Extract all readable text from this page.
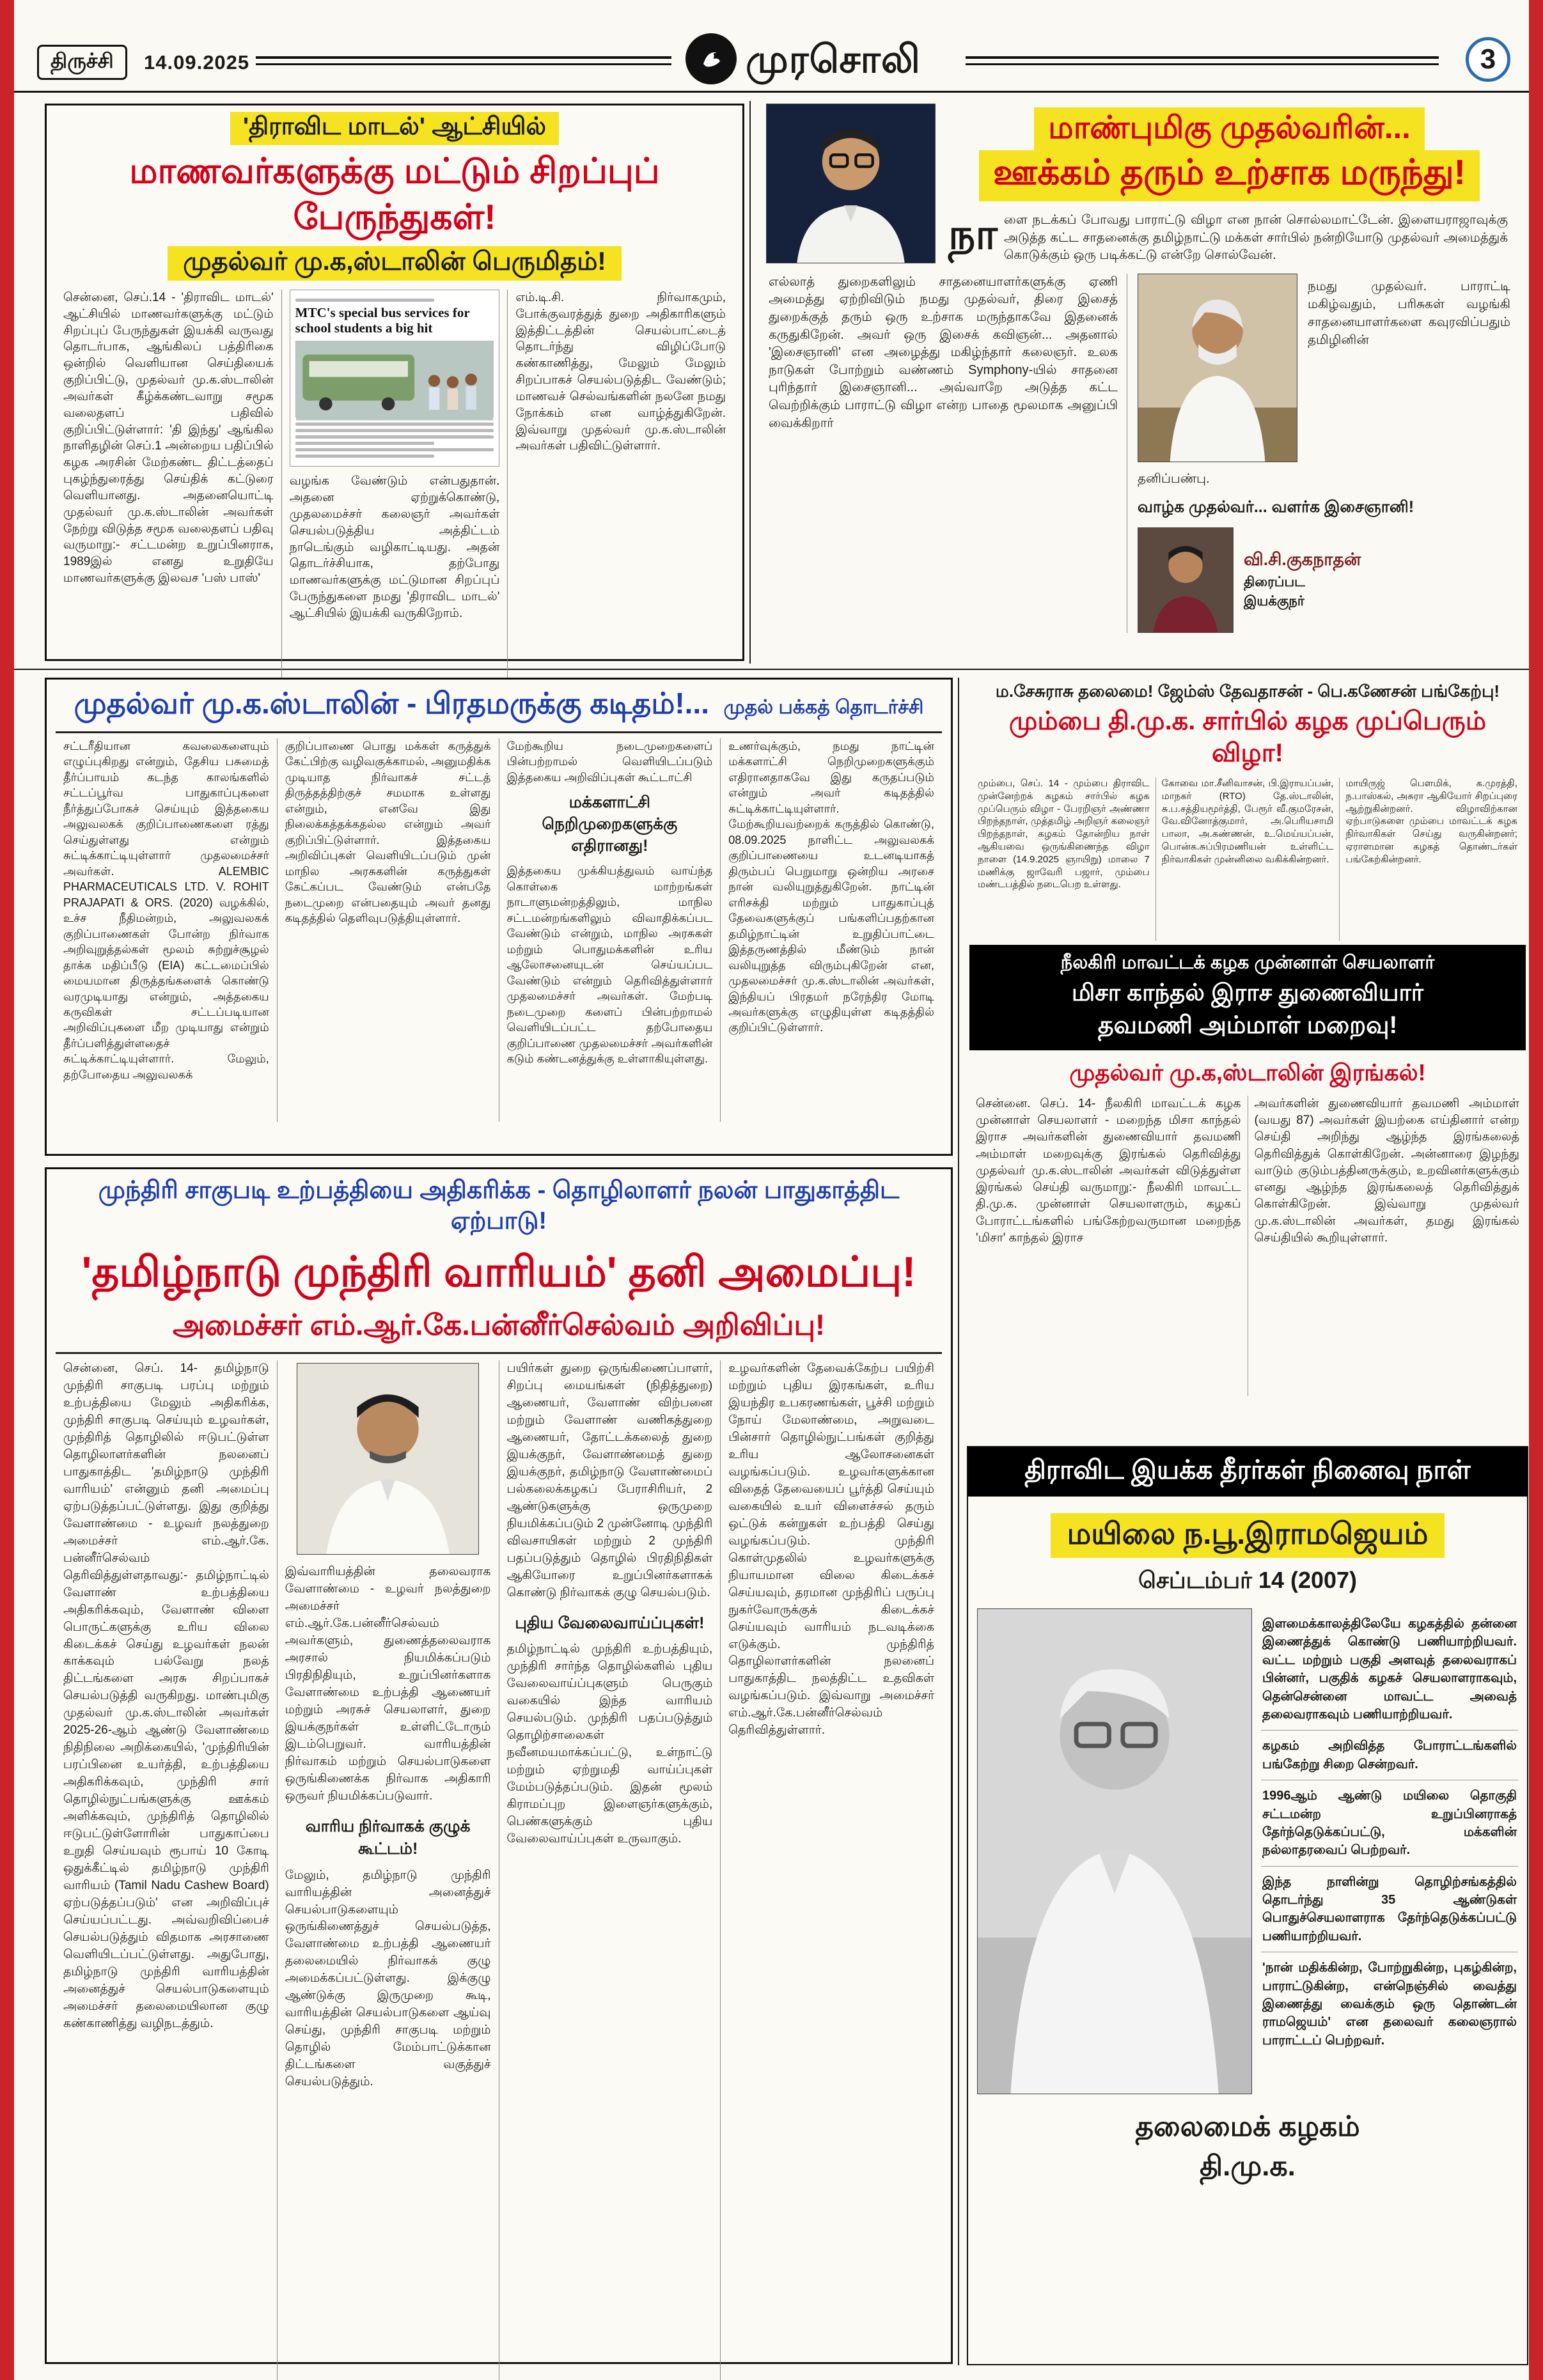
திருச்சி	14.09.2025	முரசொலி	3
'திராவிட மாடல்' ஆட்சியில்
மாணவர்களுக்கு மட்டும் சிறப்புப் பேருந்துகள்!
முதல்வர் மு.க,ஸ்டாலின் பெருமிதம்!
சென்னை, செப்.14 - 'திராவிட மாடல்' ஆட்சியில் மாணவர்களுக்கு மட்டும் சிறப்புப் பேருந்துகள் இயக்கி வருவது தொடர்பாக, ஆங்கிலப் பத்திரிகை ஒன்றில் வெளியான செய்தியைக் குறிப்பிட்டு, முதல்வர் மு.க.ஸ்டாலின் அவர்கள் கீழ்க்கண்டவாறு சமூக வலைதளப் பதிவில் குறிப்பிட்டுள்ளார்: 'தி இந்து' ஆங்கில நாளிதழின் செப்.1 அன்றைய பதிப்பில் கழக அரசின் மேற்கண்ட திட்டத்தைப் புகழ்ந்துரைத்து செய்திக் கட்டுரை வெளியானது. அதனையொட்டி முதல்வர் மு.க.ஸ்டாலின் அவர்கள் நேற்று விடுத்த சமூக வலைதளப் பதிவு வருமாறு:- சட்டமன்ற உறுப்பினராக, 1989இல் எனது உறுதியே மாணவர்களுக்கு இலவச 'பஸ் பாஸ்'
MTC's special bus services for school students a big hit
வழங்க வேண்டும் என்பதுதான். அதனை ஏற்றுக்கொண்டு, முதலமைச்சர் கலைஞர் அவர்கள் செயல்படுத்திய அத்திட்டம் நாடெங்கும் வழிகாட்டியது. அதன் தொடர்ச்சியாக, தற்போது மாணவர்களுக்கு மட்டுமான சிறப்புப் பேருந்துகளை நமது 'திராவிட மாடல்' ஆட்சியில் இயக்கி வருகிறோம்.
எம்.டி.சி. நிர்வாகமும், போக்குவரத்துத் துறை அதிகாரிகளும் இத்திட்டத்தின் செயல்பாட்டைத் தொடர்ந்து விழிப்போடு கண்காணித்து, மேலும் மேலும் சிறப்பாகச் செயல்படுத்திட வேண்டும்; மாணவச் செல்வங்களின் நலனே நமது நோக்கம் என வாழ்த்துகிறேன். இவ்வாறு முதல்வர் மு.க.ஸ்டாலின் அவர்கள் பதிவிட்டுள்ளார்.
மாண்புமிகு முதல்வரின்...
ஊக்கம் தரும் உற்சாக மருந்து!

நாளை நடக்கப் போவது பாராட்டு விழா என நான் சொல்லமாட்டேன். இளையராஜாவுக்கு அடுத்த கட்ட சாதனைக்கு தமிழ்நாட்டு மக்கள் சார்பில் நன்றியோடு முதல்வர் அமைத்துக் கொடுக்கும் ஒரு படிக்கட்டு என்றே சொல்வேன்.

எல்லாத் துறைகளிலும் சாதனையாளர்களுக்கு ஏணி அமைத்து ஏற்றிவிடும் நமது முதல்வர், திரை இசைத் துறைக்குத் தரும் ஒரு உற்சாக மருந்தாகவே இதனைக் கருதுகிறேன். அவர் ஒரு இசைக் கவிஞன்... அதனால் 'இசைஞானி' என அழைத்து மகிழ்ந்தார் கலைஞர். உலக நாடுகள் போற்றும் வண்ணம் Symphony-யில் சாதனை புரிந்தார் இசைஞானி... அவ்வாறே அடுத்த கட்ட வெற்றிக்கும் பாராட்டு விழா என்ற பாதை மூலமாக அனுப்பி வைக்கிறார்

நமது முதல்வர். பாராட்டி மகிழ்வதும், பரிசுகள் வழங்கி சாதனையாளர்களை கவுரவிப்பதும் தமிழினின்

தனிப்பண்பு.

வாழ்க முதல்வர்... வளர்க இசைஞானி!
வி.சி.குகநாதன்
திரைப்பட
இயக்குநர்
முதல்வர் மு.க.ஸ்டாலின் - பிரதமருக்கு கடிதம்!... முதல் பக்கத் தொடர்ச்சி
சட்டரீதியான கவலைகளையும் எழுப்புகிறது என்றும், தேசிய பசுமைத் தீர்ப்பாயம் கடந்த காலங்களில் சட்டப்பூர்வ பாதுகாப்புகளை நீர்த்துப்போகச் செய்யும் இத்தகைய அலுவலகக் குறிப்பாணைகளை ரத்து செய்துள்ளது என்றும் சுட்டிக்காட்டியுள்ளார் முதலமைச்சர் அவர்கள். ALEMBIC PHARMACEUTICALS LTD. V. ROHIT PRAJAPATI & ORS. (2020) வழக்கில், உச்ச நீதிமன்றம், அலுவலகக் குறிப்பாணைகள் போன்ற நிர்வாக அறிவுறுத்தல்கள் மூலம் சுற்றுச்சூழல் தாக்க மதிப்பீடு (EIA) கட்டமைப்பில் மையமான திருத்தங்களைக் கொண்டு வரமுடியாது என்றும், அத்தகைய கருவிகள் சட்டப்படியான அறிவிப்புகளை மீற முடியாது என்றும் தீர்ப்பளித்துள்ளதைச் சுட்டிக்காட்டியுள்ளார். மேலும், தற்போதைய அலுவலகக்
குறிப்பாணை பொது மக்கள் கருத்துக் கேட்பிற்கு வழிவகுக்காமல், அனுமதிக்க முடியாத நிர்வாகச் சட்டத் திருத்தத்திற்குச் சமமாக உள்ளது என்றும், எனவே இது நிலைக்கத்தக்கதல்ல என்றும் அவர் குறிப்பிட்டுள்ளார். இத்தகைய அறிவிப்புகள் வெளியிடப்படும் முன் மாநில அரசுகளின் கருத்துகள் கேட்கப்பட வேண்டும் என்பதே நடைமுறை என்பதையும் அவர் தனது கடிதத்தில் தெளிவுபடுத்தியுள்ளார்.
மேற்கூறிய நடைமுறைகளைப் பின்பற்றாமல் வெளியிடப்படும் இத்தகைய அறிவிப்புகள் கூட்டாட்சி
மக்களாட்சி நெறிமுறைகளுக்கு எதிரானது!
இத்தகைய முக்கியத்துவம் வாய்ந்த கொள்கை மாற்றங்கள் நாடாளுமன்றத்திலும், மாநில சட்டமன்றங்களிலும் விவாதிக்கப்பட வேண்டும் என்றும், மாநில அரசுகள் மற்றும் பொதுமக்களின் உரிய ஆலோசனையுடன் செய்யப்பட வேண்டும் என்றும் தெரிவித்துள்ளார் முதலமைச்சர் அவர்கள். மேற்படி நடைமுறை களைப் பின்பற்றாமல் வெளியிடப்பட்ட தற்போதைய குறிப்பாணை முதலமைச்சர் அவர்களின் கடும் கண்டனத்துக்கு உள்ளாகியுள்ளது.
உணர்வுக்கும், நமது நாட்டின் மக்களாட்சி நெறிமுறைகளுக்கும் எதிரானதாகவே இது கருதப்படும் என்றும் அவர் கடிதத்தில் சுட்டிக்காட்டியுள்ளார். மேற்கூறியவற்றைக் கருத்தில் கொண்டு, 08.09.2025 நாளிட்ட அலுவலகக் குறிப்பாணையை உடனடியாகத் திரும்பப் பெறுமாறு ஒன்றிய அரசை நான் வலியுறுத்துகிறேன். நாட்டின் எரிசக்தி மற்றும் பாதுகாப்புத் தேவைகளுக்குப் பங்களிப்பதற்கான தமிழ்நாட்டின் உறுதிப்பாட்டை இத்தருணத்தில் மீண்டும் நான் வலியுறுத்த விரும்புகிறேன் என, முதலமைச்சர் மு.க.ஸ்டாலின் அவர்கள், இந்தியப் பிரதமர் நரேந்திர மோடி அவர்களுக்கு எழுதியுள்ள கடிதத்தில் குறிப்பிட்டுள்ளார்.
ம.சேசுராசு தலைமை! ஜேம்ஸ் தேவதாசன் - பெ.கணேசன் பங்கேற்பு!
மும்பை தி.மு.க. சார்பில் கழக முப்பெரும் விழா!
மும்பை, செப். 14 - மும்பை திராவிட முன்னேற்றக் கழகம் சார்பில் கழக முப்பெரும் விழா - பேரறிஞர் அண்ணா பிறந்தநாள், முத்தமிழ் அறிஞர் கலைஞர் பிறந்தநாள், கழகம் தோன்றிய நாள் ஆகியவை ஒருங்கிணைந்த விழா நாளை (14.9.2025 ஞாயிறு) மாலை 7 மணிக்கு ஜாவேரி பஜார், மும்பை மண்டபத்தில் நடைபெற உள்ளது.
கோவை மா.சீனிவாசன், பி.இராயப்பன், மாநகர் (RTO) தே.ஸ்டாலின், சு.ப.சத்தியமூர்த்தி, பேரூர் வீ.குமரேசன், வே.வினோத்குமார், அ.பெரியசாமி பாலா, அ.கண்ணன், உ.மெய்யப்பன், பொன்க.சுப்பிரமணியன் உள்ளிட்ட நிர்வாகிகள் முன்னிலை வகிக்கின்றனர்.
மாயிருஜ் பௌமிக், க.முரத்தி, ந.பாஸ்கல், அசுரா ஆகியோர் சிறப்புரை ஆற்றுகின்றனர். விழாவிற்கான ஏற்பாடுகளை மும்பை மாவட்டக் கழக நிர்வாகிகள் செய்து வருகின்றனர்; ஏராளமான கழகத் தொண்டர்கள் பங்கேற்கின்றனர்.
நீலகிரி மாவட்டக் கழக முன்னாள் செயலாளர்
மிசா காந்தல் இராச துணைவியார்
தவமணி அம்மாள் மறைவு!
முதல்வர் மு.க,ஸ்டாலின் இரங்கல்!
சென்னை. செப். 14- நீலகிரி மாவட்டக் கழக முன்னாள் செயலாளர் - மறைந்த மிசா காந்தல் இராச அவர்களின் துணைவியார் தவமணி அம்மாள் மறைவுக்கு இரங்கல் தெரிவித்து முதல்வர் மு.க.ஸ்டாலின் அவர்கள் விடுத்துள்ள இரங்கல் செய்தி வருமாறு:- நீலகிரி மாவட்ட தி.மு.க. முன்னாள் செயலாளரும், கழகப் போராட்டங்களில் பங்கேற்றவருமான மறைந்த 'மிசா' காந்தல் இராச
அவர்களின் துணைவியார் தவமணி அம்மாள் (வயது 87) அவர்கள் இயற்கை எய்தினார் என்ற செய்தி அறிந்து ஆழ்ந்த இரங்கலைத் தெரிவித்துக் கொள்கிறேன். அன்னாரை இழந்து வாடும் குடும்பத்தினருக்கும், உறவினர்களுக்கும் எனது ஆழ்ந்த இரங்கலைத் தெரிவித்துக் கொள்கிறேன். இவ்வாறு முதல்வர் மு.க.ஸ்டாலின் அவர்கள், தமது இரங்கல் செய்தியில் கூறியுள்ளார்.
முந்திரி சாகுபடி உற்பத்தியை அதிகரிக்க - தொழிலாளர் நலன் பாதுகாத்திட ஏற்பாடு!
'தமிழ்நாடு முந்திரி வாரியம்' தனி அமைப்பு!
அமைச்சர் எம்.ஆர்.கே.பன்னீர்செல்வம் அறிவிப்பு!
சென்னை, செப். 14- தமிழ்நாடு முந்திரி சாகுபடி பரப்பு மற்றும் உற்பத்தியை மேலும் அதிகரிக்க, முந்திரி சாகுபடி செய்யும் உழவர்கள், முந்திரித் தொழிலில் ஈடுபட்டுள்ள தொழிலாளர்களின் நலனைப் பாதுகாத்திட 'தமிழ்நாடு முந்திரி வாரியம்' என்னும் தனி அமைப்பு ஏற்படுத்தப்பட்டுள்ளது. இது குறித்து வேளாண்மை - உழவர் நலத்துறை அமைச்சர் எம்.ஆர்.கே. பன்னீர்செல்வம் தெரிவித்துள்ளதாவது:- தமிழ்நாட்டில் வேளாண் உற்பத்தியை அதிகரிக்கவும், வேளாண் விளை பொருட்களுக்கு உரிய விலை கிடைக்கச் செய்து உழவர்கள் நலன் காக்கவும் பல்வேறு நலத் திட்டங்களை அரசு சிறப்பாகச் செயல்படுத்தி வருகிறது. மாண்புமிகு முதல்வர் மு.க.ஸ்டாலின் அவர்கள் 2025-26-ஆம் ஆண்டு வேளாண்மை நிதிநிலை அறிக்கையில், 'முந்திரியின் பரப்பினை உயர்த்தி, உற்பத்தியை அதிகரிக்கவும், முந்திரி சார் தொழில்நுட்பங்களுக்கு ஊக்கம் அளிக்கவும், முந்திரித் தொழிலில் ஈடுபட்டுள்ளோரின் பாதுகாப்பை உறுதி செய்யவும் ரூபாய் 10 கோடி ஒதுக்கீட்டில் தமிழ்நாடு முந்திரி வாரியம் (Tamil Nadu Cashew Board) ஏற்படுத்தப்படும்' என அறிவிப்புச் செய்யப்பட்டது. அவ்வறிவிப்பைச் செயல்படுத்தும் விதமாக அரசாணை வெளியிடப்பட்டுள்ளது. அதுபோது, தமிழ்நாடு முந்திரி வாரியத்தின் அனைத்துச் செயல்பாடுகளையும் அமைச்சர் தலைமையிலான குழு கண்காணித்து வழிநடத்தும்.
இவ்வாரியத்தின் தலைவராக வேளாண்மை - உழவர் நலத்துறை அமைச்சர் எம்.ஆர்.கே.பன்னீர்செல்வம் அவர்களும், துணைத்தலைவராக அரசால் நியமிக்கப்படும் பிரதிநிதியும், உறுப்பினர்களாக வேளாண்மை உற்பத்தி ஆணையர் மற்றும் அரசுச் செயலாளர், துறை இயக்குநர்கள் உள்ளிட்டோரும் இடம்பெறுவர். வாரியத்தின் நிர்வாகம் மற்றும் செயல்பாடுகளை ஒருங்கிணைக்க நிர்வாக அதிகாரி ஒருவர் நியமிக்கப்படுவார்.
வாரிய நிர்வாகக் குழுக் கூட்டம்!
மேலும், தமிழ்நாடு முந்திரி வாரியத்தின் அனைத்துச் செயல்பாடுகளையும் ஒருங்கிணைத்துச் செயல்படுத்த, வேளாண்மை உற்பத்தி ஆணையர் தலைமையில் நிர்வாகக் குழு அமைக்கப்பட்டுள்ளது. இக்குழு ஆண்டுக்கு இருமுறை கூடி, வாரியத்தின் செயல்பாடுகளை ஆய்வு செய்து, முந்திரி சாகுபடி மற்றும் தொழில் மேம்பாட்டுக்கான திட்டங்களை வகுத்துச் செயல்படுத்தும்.
பயிர்கள் துறை ஒருங்கிணைப்பாளர், சிறப்பு மையங்கள் (நிதித்துறை) ஆணையர், வேளாண் விற்பனை மற்றும் வேளாண் வணிகத்துறை ஆணையர், தோட்டக்கலைத் துறை இயக்குநர், வேளாண்மைத் துறை இயக்குநர், தமிழ்நாடு வேளாண்மைப் பல்கலைக்கழகப் பேராசிரியர், 2 ஆண்டுகளுக்கு ஒருமுறை நியமிக்கப்படும் 2 முன்னோடி முந்திரி விவசாயிகள் மற்றும் 2 முந்திரி பதப்படுத்தும் தொழில் பிரதிநிதிகள் ஆகியோரை உறுப்பினர்களாகக் கொண்டு நிர்வாகக் குழு செயல்படும்.
புதிய வேலைவாய்ப்புகள்!
தமிழ்நாட்டில் முந்திரி உற்பத்தியும், முந்திரி சார்ந்த தொழில்களில் புதிய வேலைவாய்ப்புகளும் பெருகும் வகையில் இந்த வாரியம் செயல்படும். முந்திரி பதப்படுத்தும் தொழிற்சாலைகள் நவீனமயமாக்கப்பட்டு, உள்நாட்டு மற்றும் ஏற்றுமதி வாய்ப்புகள் மேம்படுத்தப்படும். இதன் மூலம் கிராமப்புற இளைஞர்களுக்கும், பெண்களுக்கும் புதிய வேலைவாய்ப்புகள் உருவாகும்.
உழவர்களின் தேவைக்கேற்ப பயிற்சி மற்றும் புதிய இரகங்கள், உரிய இயந்திர உபகரணங்கள், பூச்சி மற்றும் நோய் மேலாண்மை, அறுவடை பின்சார் தொழில்நுட்பங்கள் குறித்து உரிய ஆலோசனைகள் வழங்கப்படும். உழவர்களுக்கான விதைத் தேவையைப் பூர்த்தி செய்யும் வகையில் உயர் விளைச்சல் தரும் ஒட்டுக் கன்றுகள் உற்பத்தி செய்து வழங்கப்படும். முந்திரி கொள்முதலில் உழவர்களுக்கு நியாயமான விலை கிடைக்கச் செய்யவும், தரமான முந்திரிப் பருப்பு நுகர்வோருக்குக் கிடைக்கச் செய்யவும் வாரியம் நடவடிக்கை எடுக்கும். முந்திரித் தொழிலாளர்களின் நலனைப் பாதுகாத்திட நலத்திட்ட உதவிகள் வழங்கப்படும். இவ்வாறு அமைச்சர் எம்.ஆர்.கே.பன்னீர்செல்வம் தெரிவித்துள்ளார்.
திராவிட இயக்க தீரர்கள் நினைவு நாள்
மயிலை ந.பூ.இராமஜெயம்
செப்டம்பர் 14 (2007)

இளமைக்காலத்திலேயே கழகத்தில் தன்னை இணைத்துக் கொண்டு பணியாற்றியவர். வட்ட மற்றும் பகுதி அளவுத் தலைவராகப் பின்னர், பகுதிக் கழகச் செயலாளராகவும், தென்சென்னை மாவட்ட அவைத் தலைவராகவும் பணியாற்றியவர்.

கழகம் அறிவித்த போராட்டங்களில் பங்கேற்று சிறை சென்றவர்.

1996ஆம் ஆண்டு மயிலை தொகுதி சட்டமன்ற உறுப்பினராகத் தேர்ந்தெடுக்கப்பட்டு, மக்களின் நல்லாதரவைப் பெற்றவர்.

இந்த நாளின்று தொழிற்சங்கத்தில் தொடர்ந்து 35 ஆண்டுகள் பொதுச்செயலாளராக தேர்ந்தெடுக்கப்பட்டு பணியாற்றியவர்.

'நான் மதிக்கின்ற, போற்றுகின்ற, புகழ்கின்ற, பாராட்டுகின்ற, என்நெஞ்சில் வைத்து இணைத்து வைக்கும் ஒரு தொண்டன் ராமஜெயம்' என தலைவர் கலைஞரால் பாராட்டப் பெற்றவர்.

தலைமைக் கழகம்
தி.மு.க.
